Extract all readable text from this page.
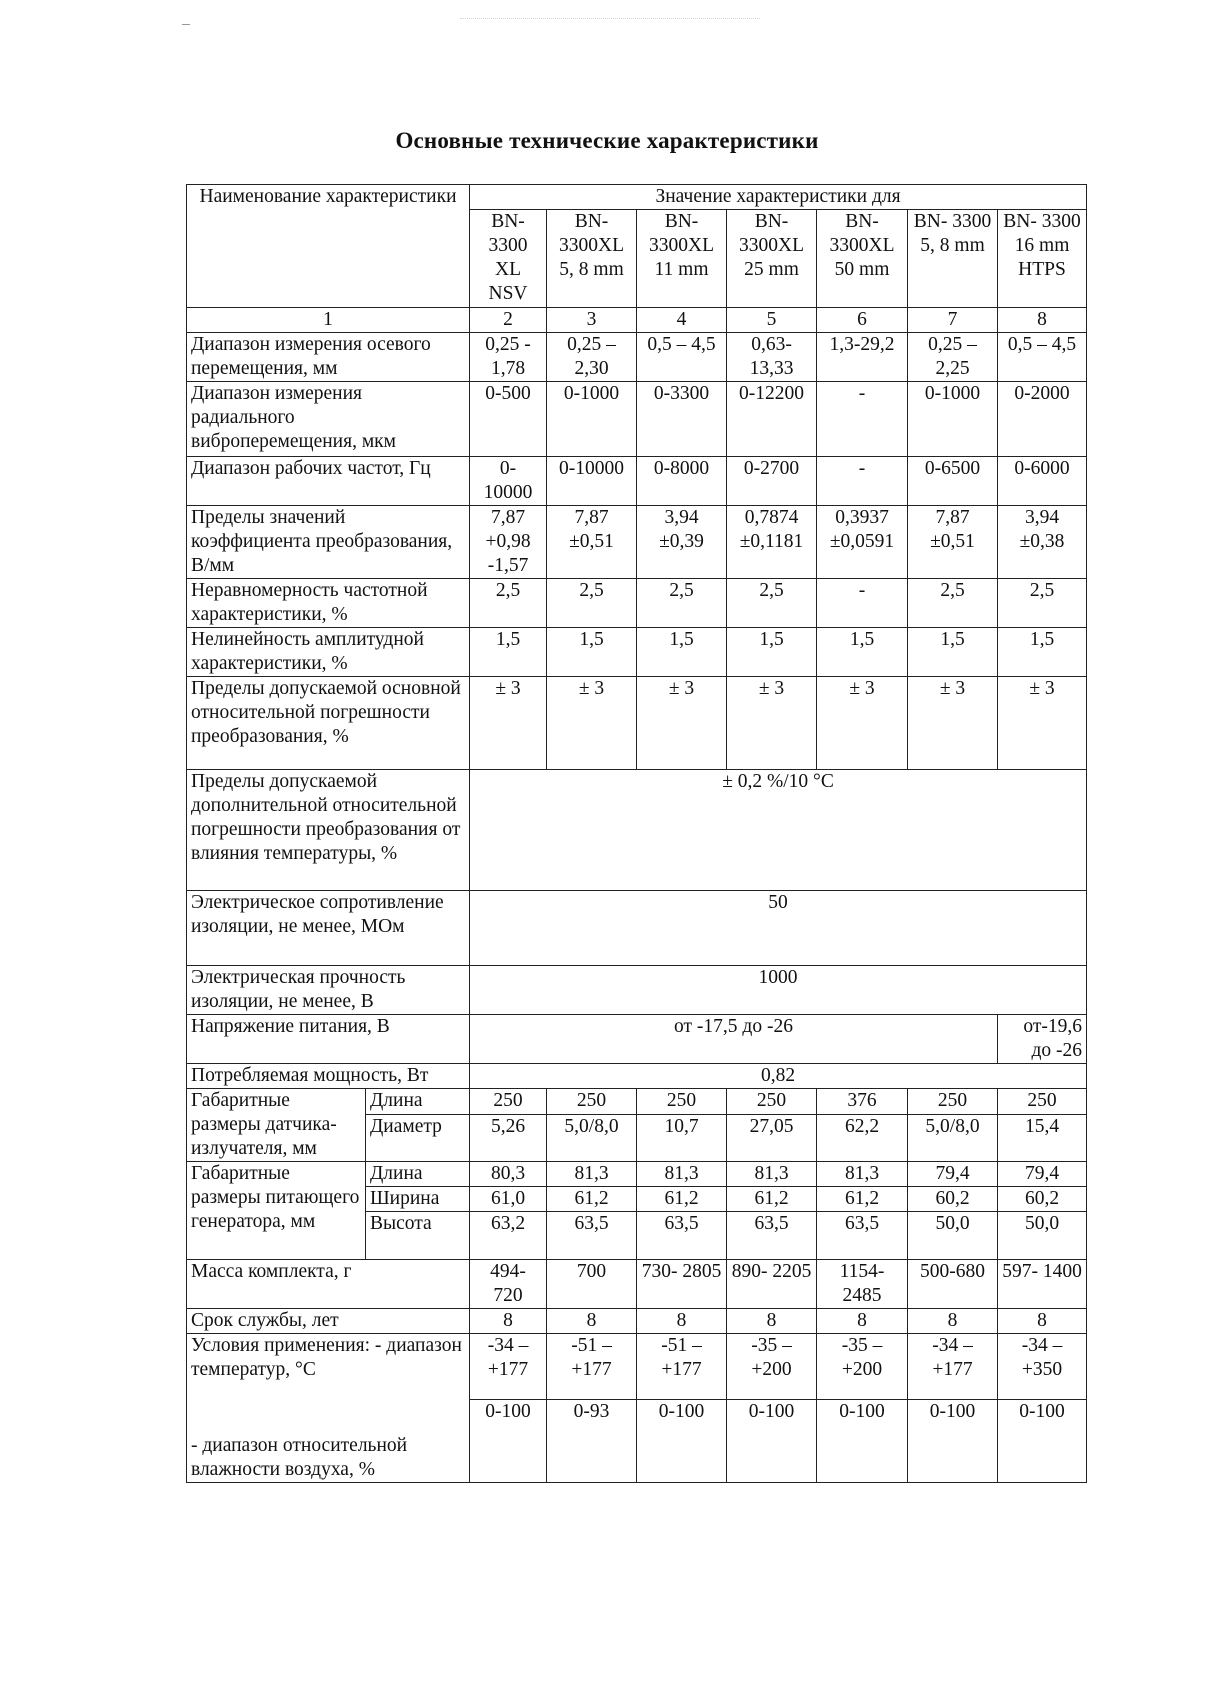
Основные технические характеристики
Наименование характеристики		Значение характеристики для						
		BN- 3300 XL NSV	BN- 3300XL 5, 8 mm	BN- 3300XL 11 mm	BN- 3300XL 25 mm	BN- 3300XL 50 mm	BN- 3300 5, 8 mm	BN- 3300 16 mm HTPS
1		2	3	4	5	6	7	8
Диапазон измерения осевого перемещения, мм		0,25 - 1,78	0,25 – 2,30	0,5 – 4,5	0,63- 13,33	1,3-29,2	0,25 – 2,25	0,5 – 4,5
Диапазон измерения радиального виброперемещения, мкм		0-500	0-1000	0-3300	0-12200	-	0-1000	0-2000
Диапазон рабочих частот, Гц		0- 10000	0-10000	0-8000	0-2700	-	0-6500	0-6000
Пределы значений коэффициента преобразования, В/мм		7,87 +0,98 -1,57	7,87 ±0,51	3,94 ±0,39	0,7874 ±0,1181	0,3937 ±0,0591	7,87 ±0,51	3,94 ±0,38
Неравномерность частотной характеристики, %		2,5	2,5	2,5	2,5	-	2,5	2,5
Нелинейность амплитудной характеристики, %		1,5	1,5	1,5	1,5	1,5	1,5	1,5
Пределы допускаемой основной относительной погрешности преобразования, %		± 3	± 3	± 3	± 3	± 3	± 3	± 3
Пределы допускаемой дополнительной относительной погрешности преобразования от влияния температуры, %		± 0,2 %/10 °C						
Электрическое сопротивление изоляции, не менее, МОм		50						
Электрическая прочность изоляции, не менее, В		1000						
Напряжение питания, В		от -17,5 до -26						от-19,6 до -26
Потребляемая мощность, Вт		0,82						
Габаритные размеры датчика-излучателя, мм	Длина	250	250	250	250	376	250	250
	Диаметр	5,26	5,0/8,0	10,7	27,05	62,2	5,0/8,0	15,4
Габаритные размеры питающего генератора, мм	Длина	80,3	81,3	81,3	81,3	81,3	79,4	79,4
	Ширина	61,0	61,2	61,2	61,2	61,2	60,2	60,2
	Высота	63,2	63,5	63,5	63,5	63,5	50,0	50,0
Масса комплекта, г		494- 720	700	730- 2805	890- 2205	1154- 2485	500-680	597- 1400
Срок службы, лет		8	8	8	8	8	8	8
Условия применения: - диапазон температур, °С		-34 – +177	-51 – +177	-51 – +177	-35 – +200	-35 – +200	-34 – +177	-34 – +350
- диапазон относительной влажности воздуха, %		0-100	0-93	0-100	0-100	0-100	0-100	0-100
